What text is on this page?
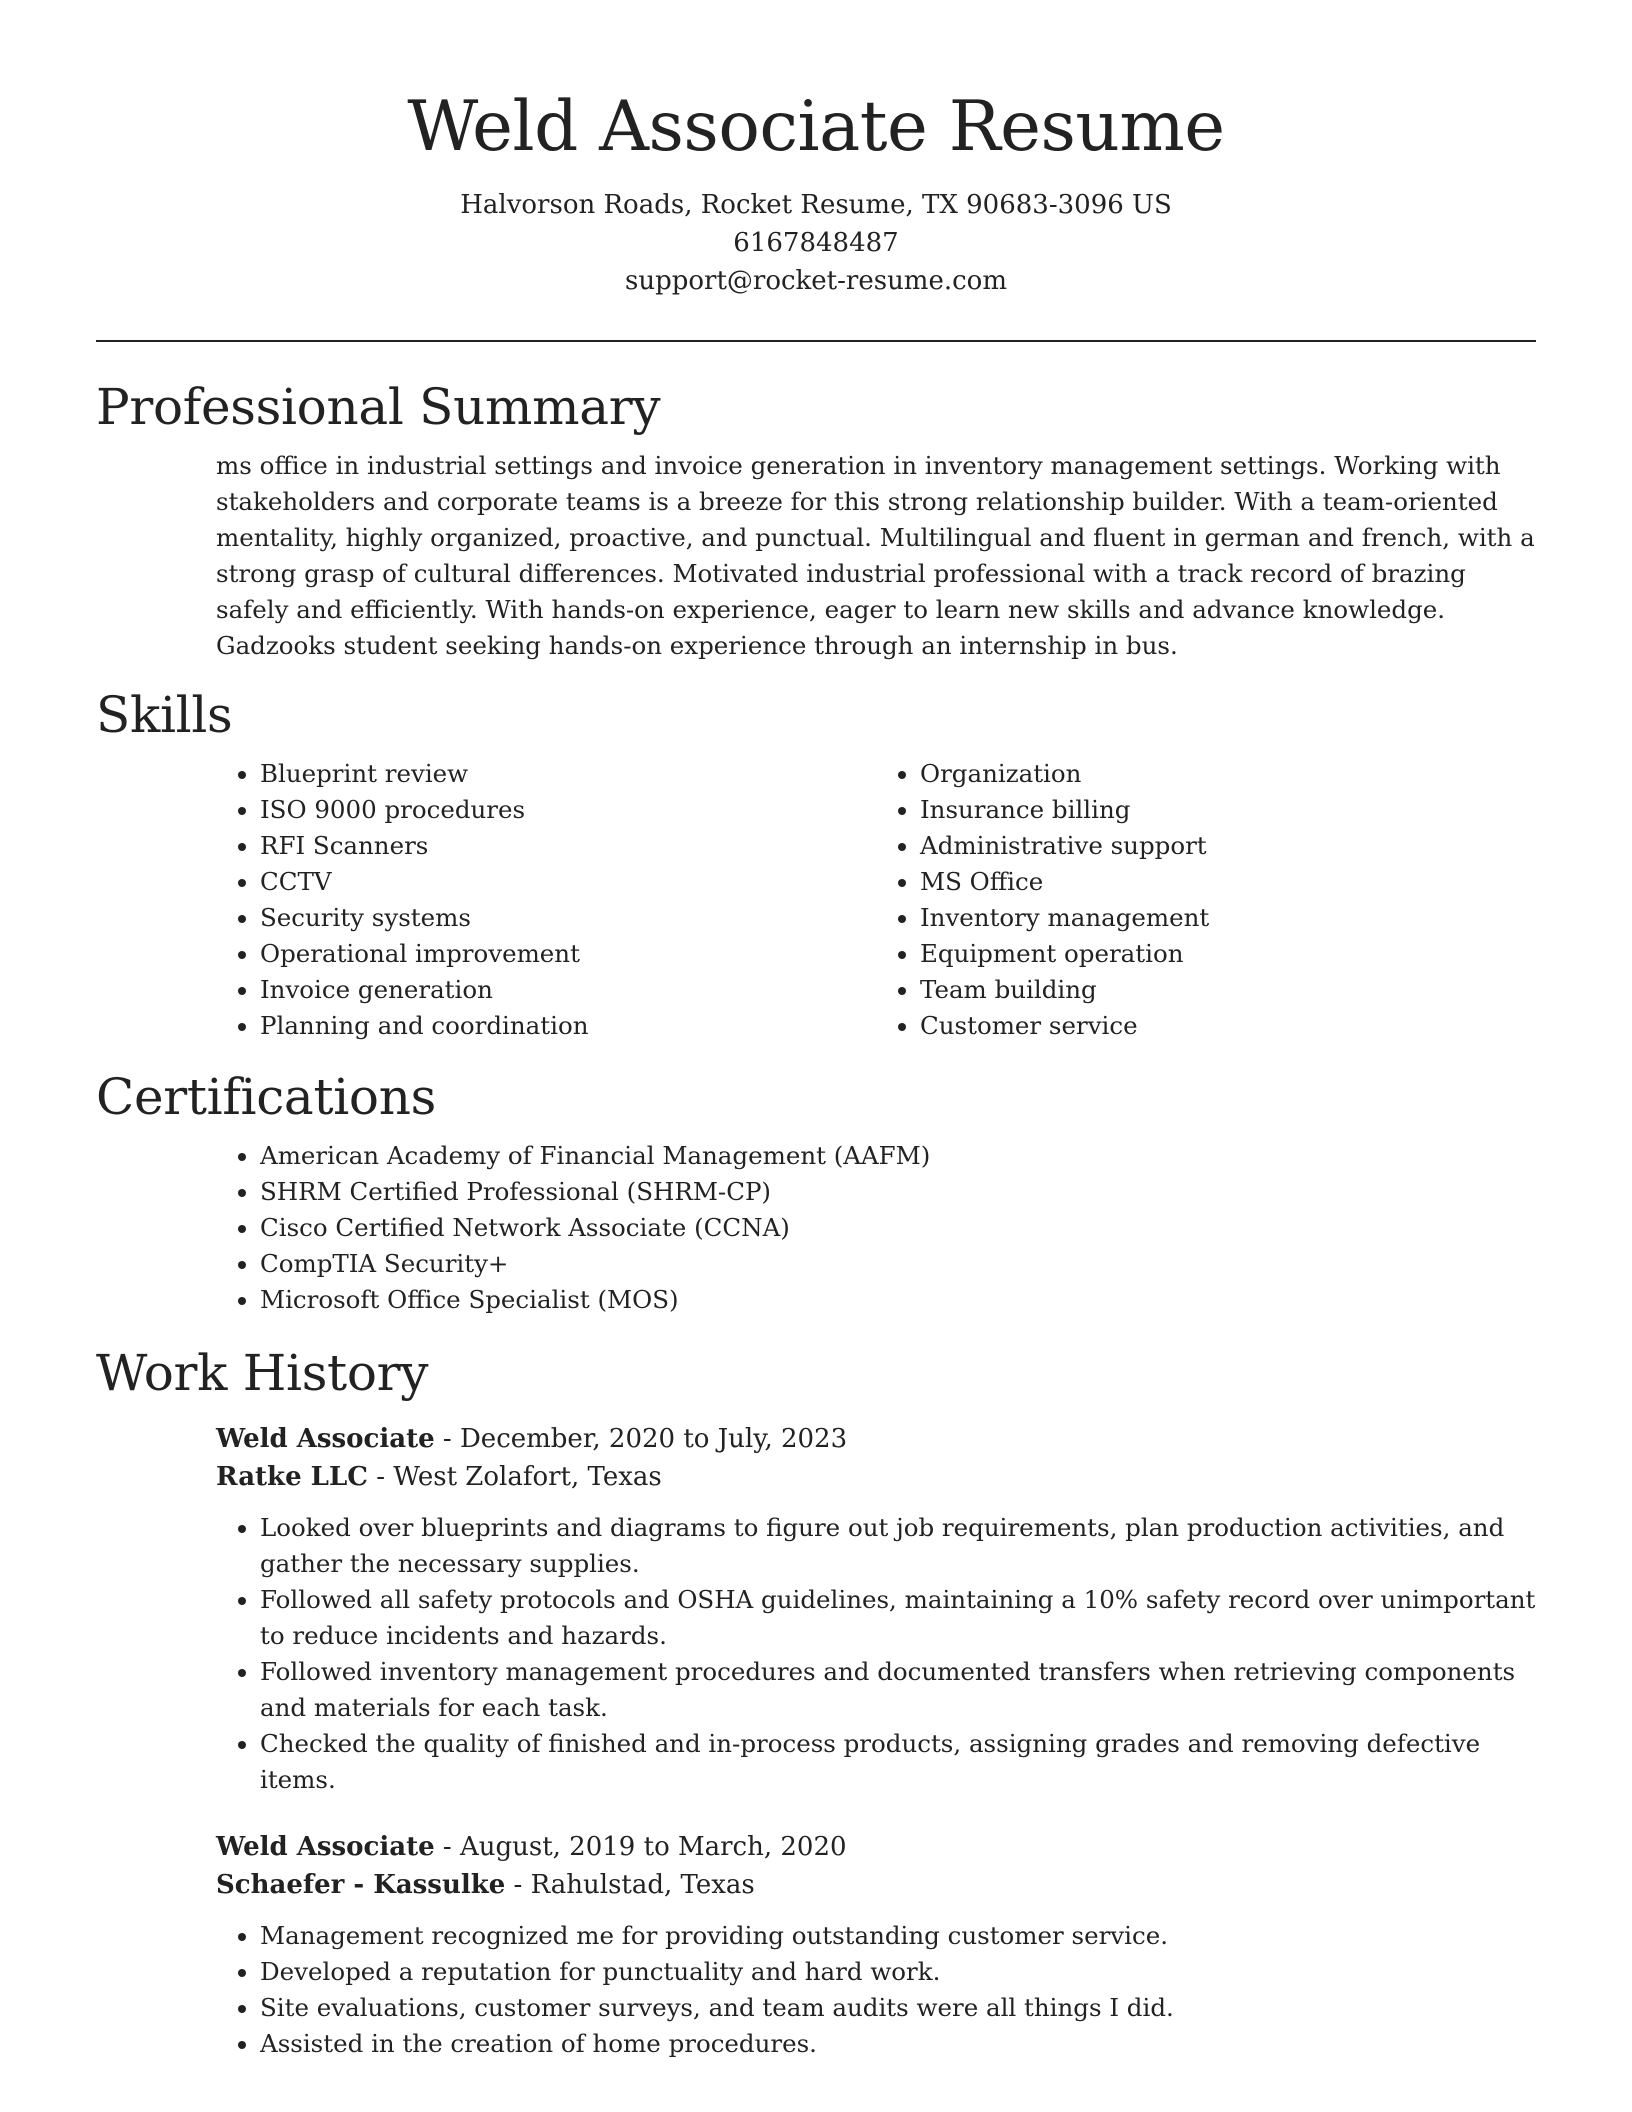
Weld Associate Resume
Halvorson Roads, Rocket Resume, TX 90683-3096 US
6167848487
support@rocket-resume.com
Professional Summary

ms office in industrial settings and invoice generation in inventory management settings. Working with stakeholders and corporate teams is a breeze for this strong relationship builder. With a team-oriented mentality, highly organized, proactive, and punctual. Multilingual and fluent in german and french, with a strong grasp of cultural differences. Motivated industrial professional with a track record of brazing safely and efficiently. With hands-on experience, eager to learn new skills and advance knowledge. Gadzooks student seeking hands-on experience through an internship in bus.

Skills
• Blueprint review
• ISO 9000 procedures
• RFI Scanners
• CCTV
• Security systems
• Operational improvement
• Invoice generation
• Planning and coordination
• Organization
• Insurance billing
• Administrative support
• MS Office
• Inventory management
• Equipment operation
• Team building
• Customer service
Certifications
• American Academy of Financial Management (AAFM)
• SHRM Certified Professional (SHRM-CP)
• Cisco Certified Network Associate (CCNA)
• CompTIA Security+
• Microsoft Office Specialist (MOS)
Work History
Weld Associate - December, 2020 to July, 2023
Ratke LLC - West Zolafort, Texas
• Looked over blueprints and diagrams to figure out job requirements, plan production activities, and gather the necessary supplies.
• Followed all safety protocols and OSHA guidelines, maintaining a 10% safety record over unimportant to reduce incidents and hazards.
• Followed inventory management procedures and documented transfers when retrieving components and materials for each task.
• Checked the quality of finished and in-process products, assigning grades and removing defective items.
Weld Associate - August, 2019 to March, 2020
Schaefer - Kassulke - Rahulstad, Texas
• Management recognized me for providing outstanding customer service.
• Developed a reputation for punctuality and hard work.
• Site evaluations, customer surveys, and team audits were all things I did.
• Assisted in the creation of home procedures.
